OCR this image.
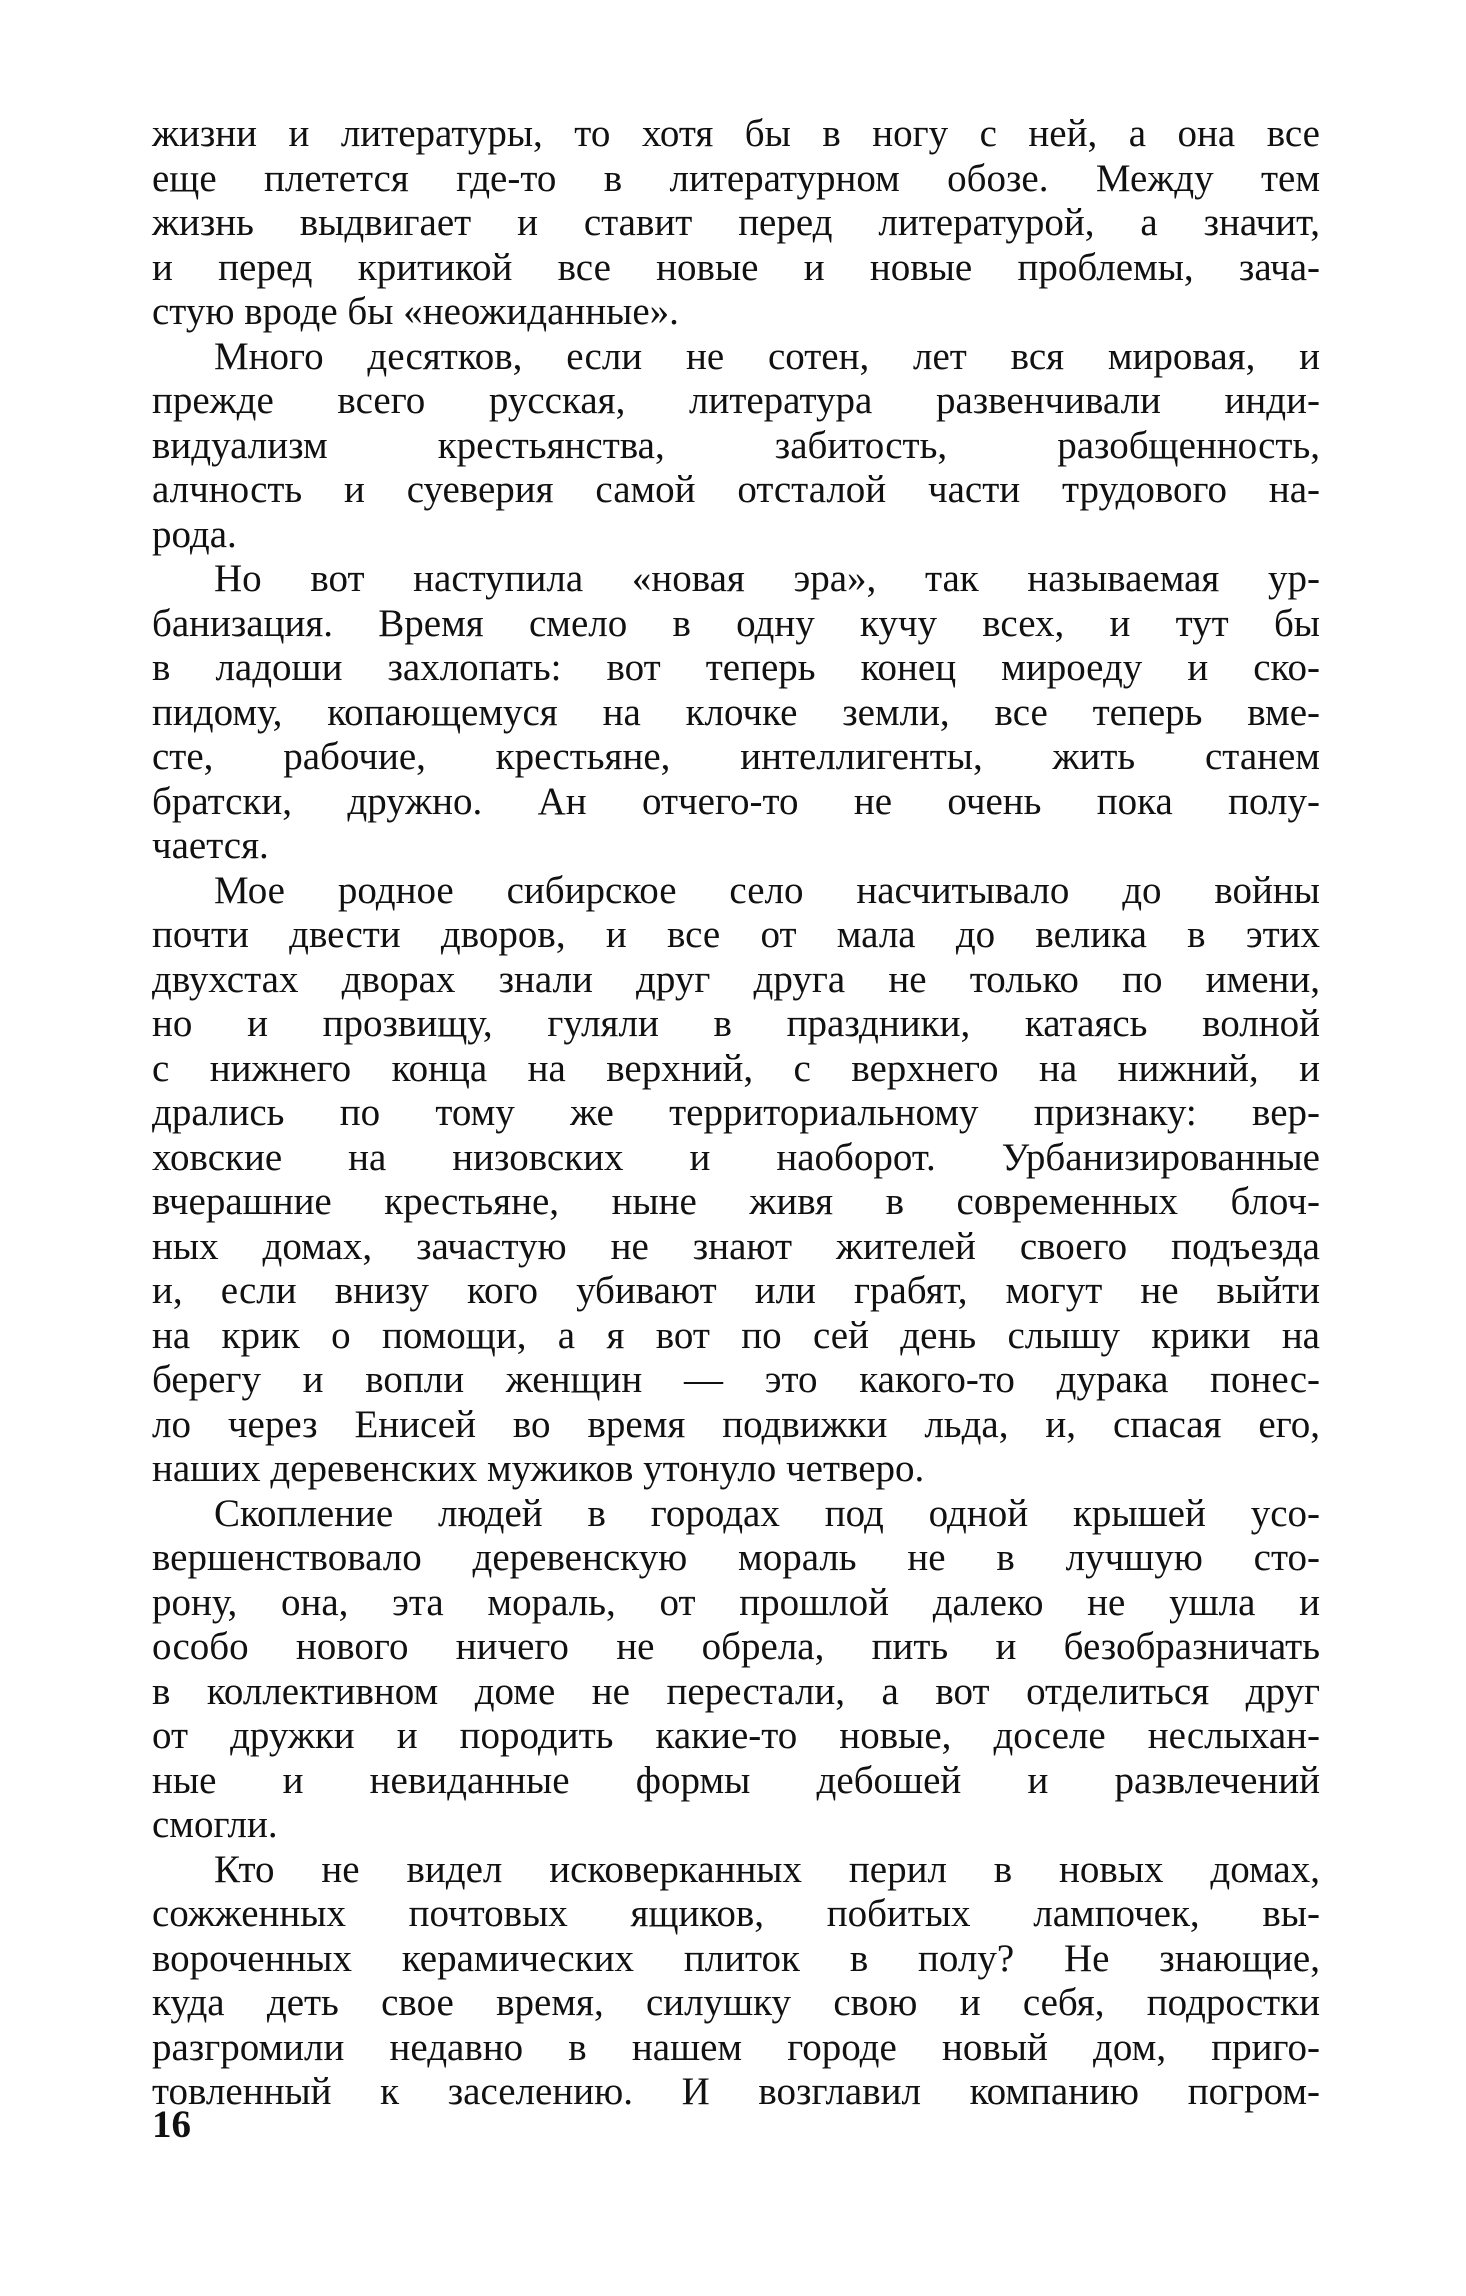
жизни и литературы, то хотя бы в ногу с ней, а она все
еще плетется где-то в литературном обозе. Между тем
жизнь выдвигает и ставит перед литературой, а значит,
и перед критикой все новые и новые проблемы, зача-
стую вроде бы «неожиданные».
Много десятков, если не сотен, лет вся мировая, и
прежде всего русская, литература развенчивали инди-
видуализм крестьянства, забитость, разобщенность,
алчность и суеверия самой отсталой части трудового на-
рода.
Но вот наступила «новая эра», так называемая ур-
банизация. Время смело в одну кучу всех, и тут бы
в ладоши захлопать: вот теперь конец мироеду и ско-
пидому, копающемуся на клочке земли, все теперь вме-
сте, рабочие, крестьяне, интеллигенты, жить станем
братски, дружно. Ан отчего-то не очень пока полу-
чается.
Мое родное сибирское село насчитывало до войны
почти двести дворов, и все от мала до велика в этих
двухстах дворах знали друг друга не только по имени,
но и прозвищу, гуляли в праздники, катаясь волной
с нижнего конца на верхний, с верхнего на нижний, и
дрались по тому же территориальному признаку: вер-
ховские на низовских и наоборот. Урбанизированные
вчерашние крестьяне, ныне живя в современных блоч-
ных домах, зачастую не знают жителей своего подъезда
и, если внизу кого убивают или грабят, могут не выйти
на крик о помощи, а я вот по сей день слышу крики на
берегу и вопли женщин — это какого-то дурака понес-
ло через Енисей во время подвижки льда, и, спасая его,
наших деревенских мужиков утонуло четверо.
Скопление людей в городах под одной крышей усо-
вершенствовало деревенскую мораль не в лучшую сто-
рону, она, эта мораль, от прошлой далеко не ушла и
особо нового ничего не обрела, пить и безобразничать
в коллективном доме не перестали, а вот отделиться друг
от дружки и породить какие-то новые, доселе неслыхан-
ные и невиданные формы дебошей и развлечений
смогли.
Кто не видел исковерканных перил в новых домах,
сожженных почтовых ящиков, побитых лампочек, вы-
вороченных керамических плиток в полу? Не знающие,
куда деть свое время, силушку свою и себя, подростки
разгромили недавно в нашем городе новый дом, приго-
товленный к заселению. И возглавил компанию погром-
16
